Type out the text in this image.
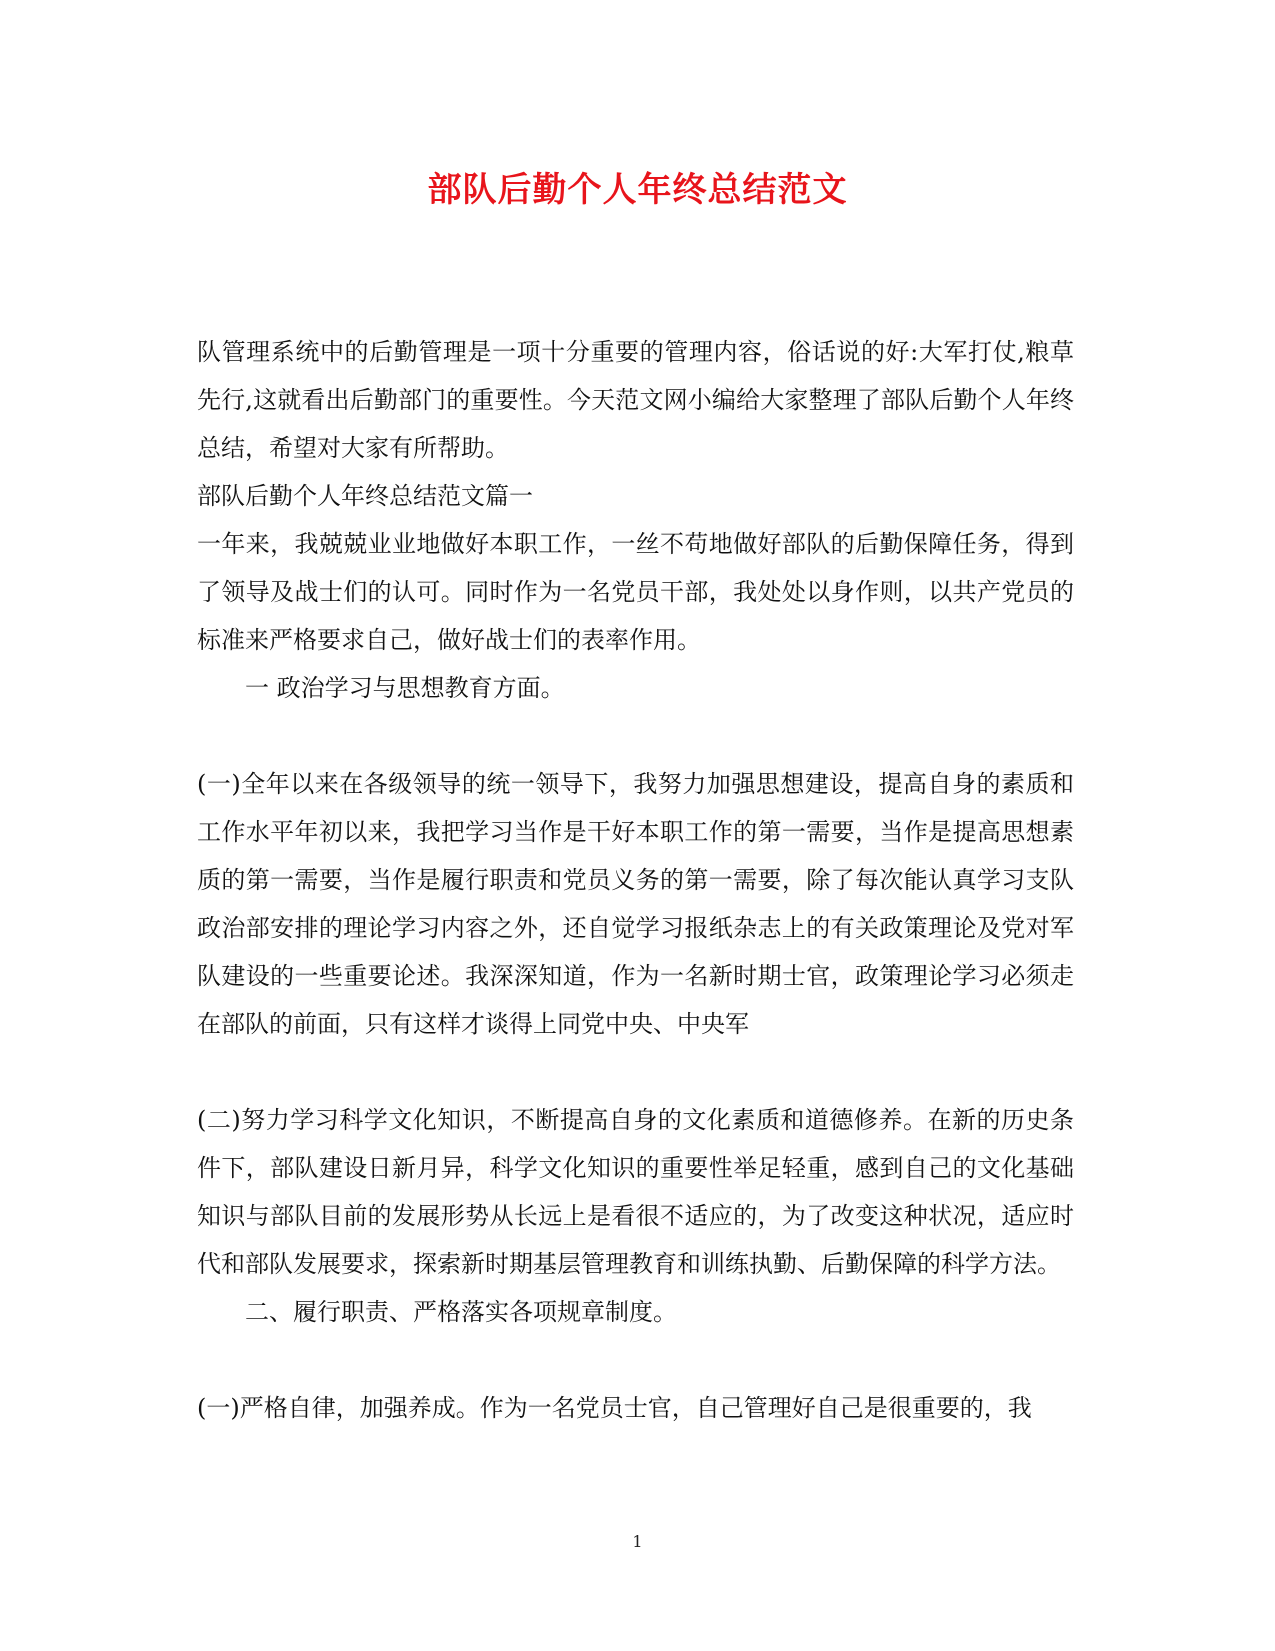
部队后勤个人年终总结范文

队管理系统中的后勤管理是一项十分重要的管理内容，俗话说的好:大军打仗,粮草先行,这就看出后勤部门的重要性。今天范文网小编给大家整理了部队后勤个人年终总结，希望对大家有所帮助。

部队后勤个人年终总结范文篇一

一年来，我兢兢业业地做好本职工作，一丝不苟地做好部队的后勤保障任务，得到了领导及战士们的认可。同时作为一名党员干部，我处处以身作则，以共产党员的标准来严格要求自己，做好战士们的表率作用。

一 政治学习与思想教育方面。

(一)全年以来在各级领导的统一领导下，我努力加强思想建设，提高自身的素质和工作水平年初以来，我把学习当作是干好本职工作的第一需要，当作是提高思想素质的第一需要，当作是履行职责和党员义务的第一需要，除了每次能认真学习支队政治部安排的理论学习内容之外，还自觉学习报纸杂志上的有关政策理论及党对军队建设的一些重要论述。我深深知道，作为一名新时期士官，政策理论学习必须走在部队的前面，只有这样才谈得上同党中央、中央军

(二)努力学习科学文化知识，不断提高自身的文化素质和道德修养。在新的历史条件下，部队建设日新月异，科学文化知识的重要性举足轻重，感到自己的文化基础知识与部队目前的发展形势从长远上是看很不适应的，为了改变这种状况，适应时代和部队发展要求，探索新时期基层管理教育和训练执勤、后勤保障的科学方法。

二、履行职责、严格落实各项规章制度。

(一)严格自律，加强养成。作为一名党员士官，自己管理好自己是很重要的，我

1
